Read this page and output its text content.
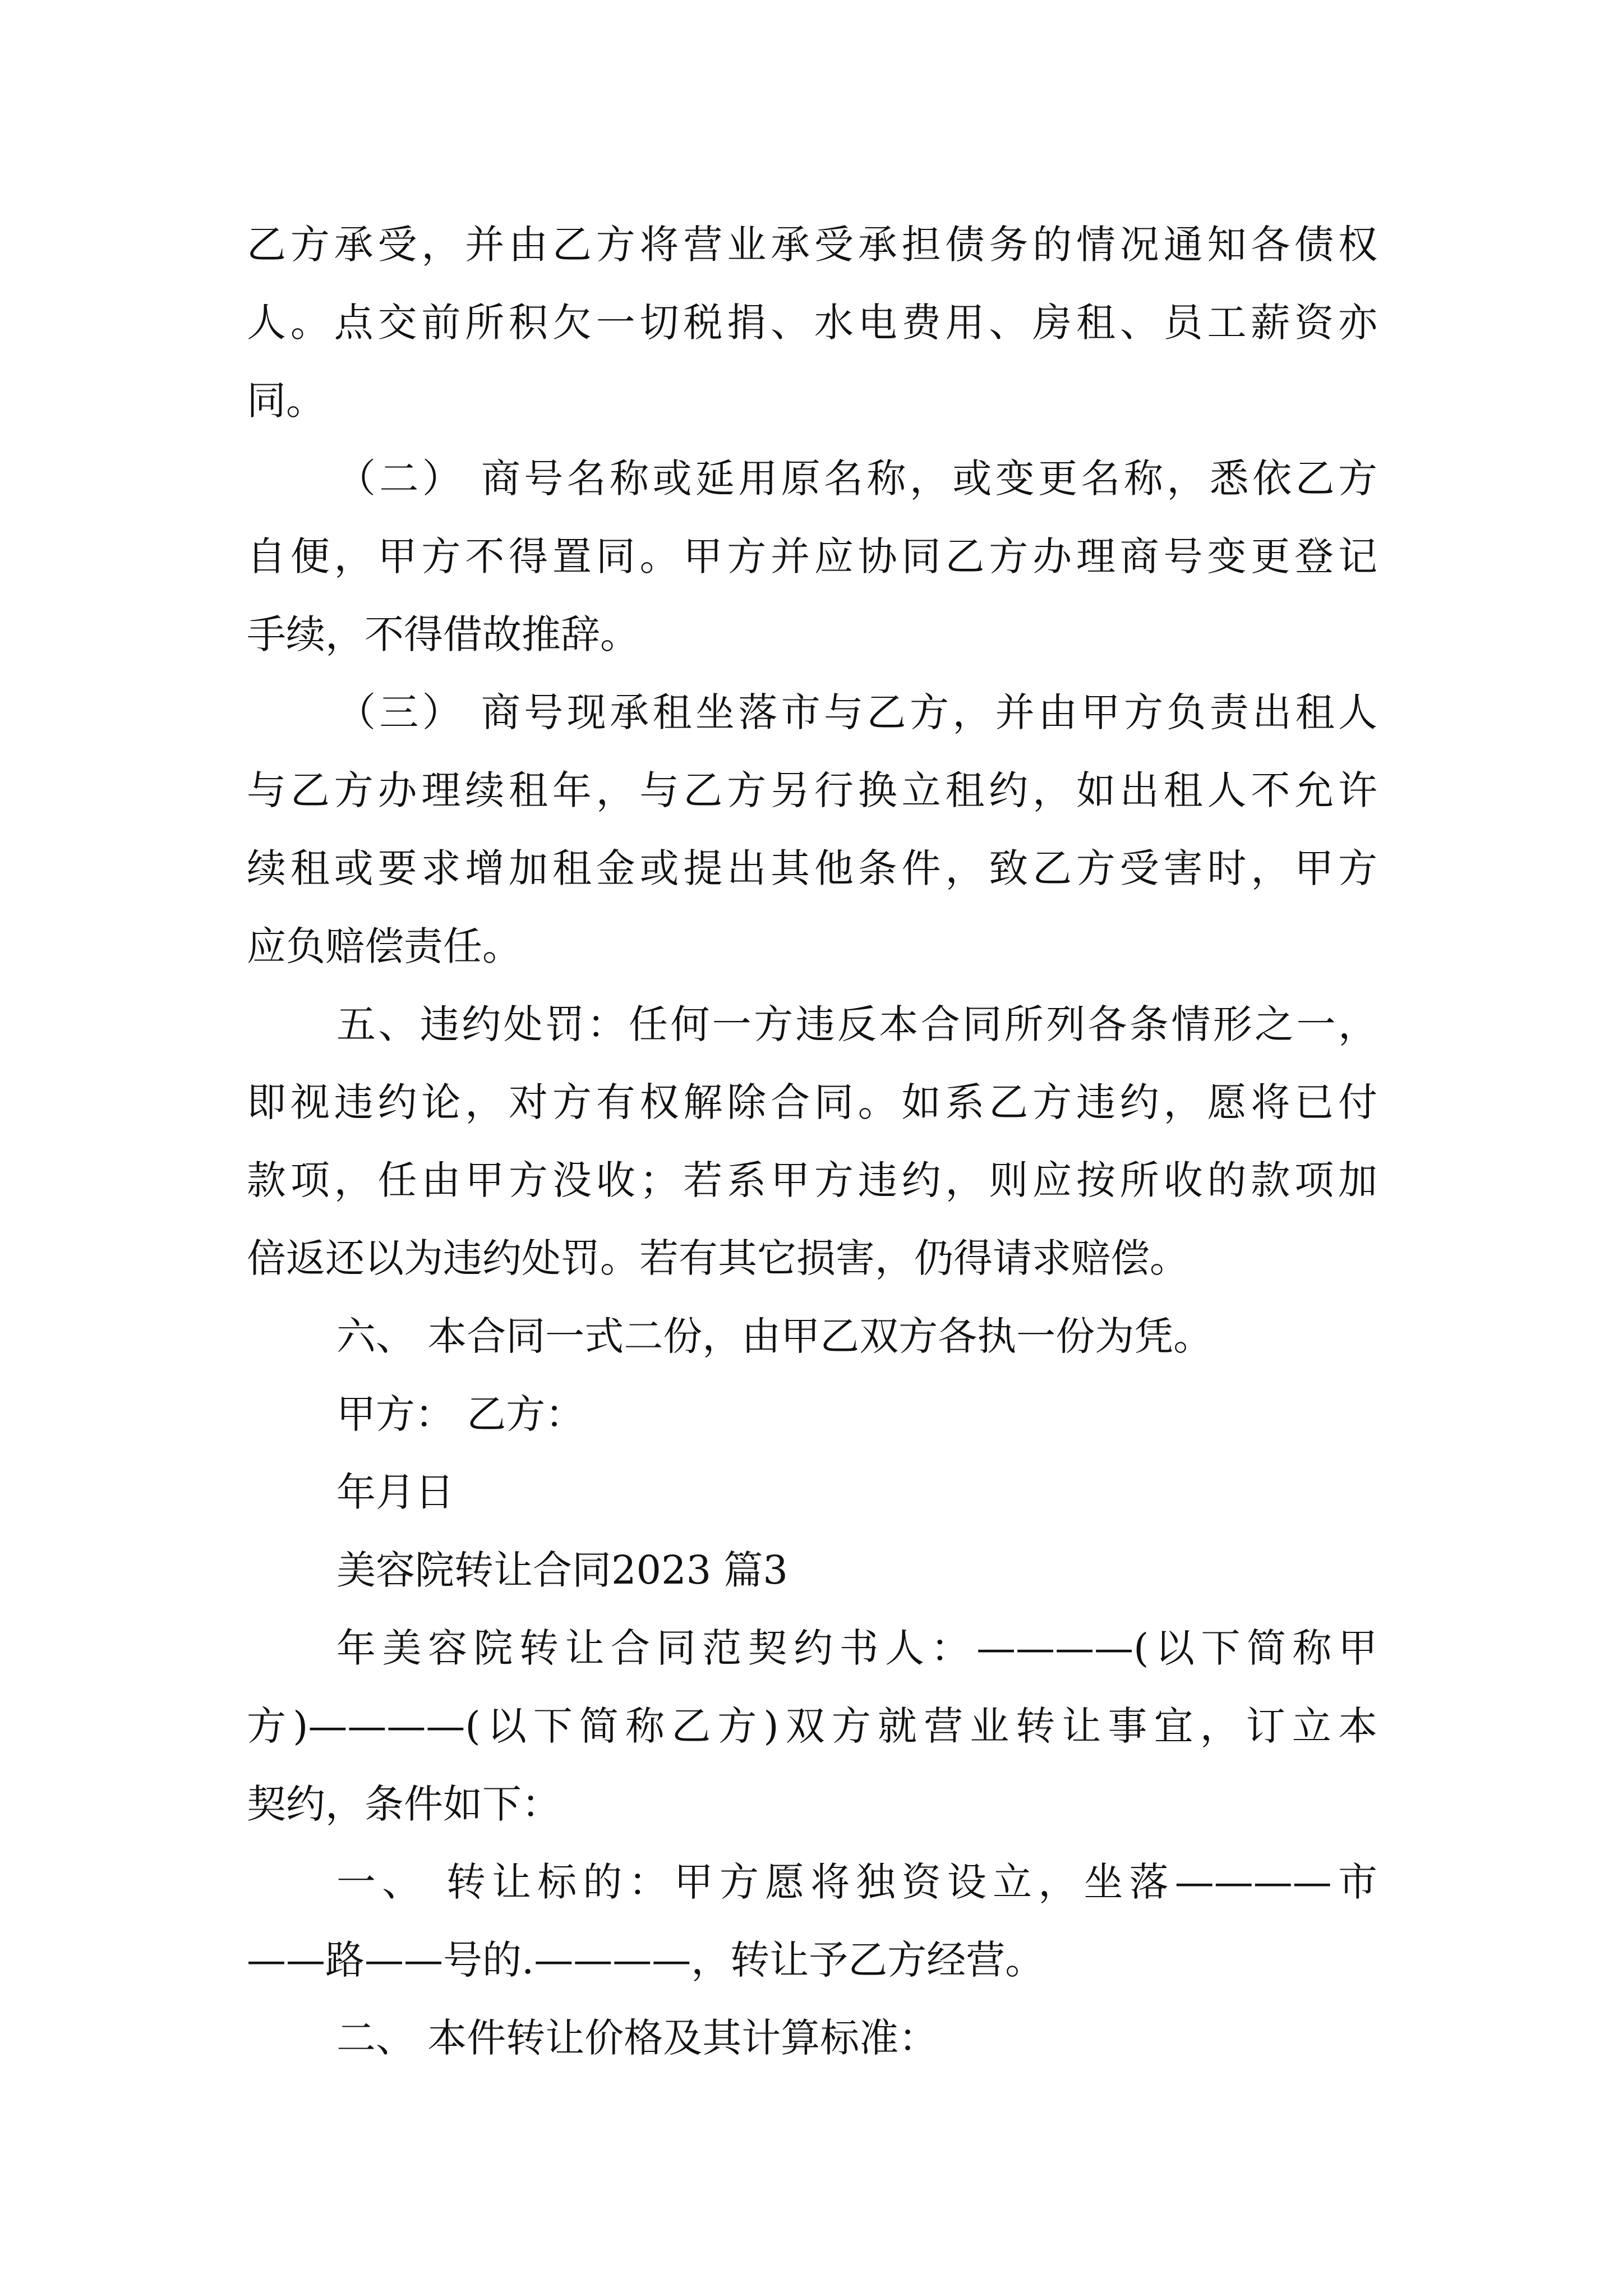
乙方承受，并由乙方将营业承受承担债务的情况通知各债权
人。点交前所积欠一切税捐、水电费用、房租、员工薪资亦
同。
（二） 商号名称或延用原名称，或变更名称，悉依乙方
自便，甲方不得置同。甲方并应协同乙方办理商号变更登记
手续，不得借故推辞。
（三） 商号现承租坐落市与乙方，并由甲方负责出租人
与乙方办理续租年，与乙方另行换立租约，如出租人不允许
续租或要求增加租金或提出其他条件，致乙方受害时，甲方
应负赔偿责任。
五、违约处罚：任何一方违反本合同所列各条情形之一，
即视违约论，对方有权解除合同。如系乙方违约，愿将已付
款项，任由甲方没收；若系甲方违约，则应按所收的款项加
倍返还以为违约处罚。若有其它损害，仍得请求赔偿。
六、 本合同一式二份，由甲乙双方各执一份为凭。
甲方： 乙方：
年月日
美容院转让合同2023 篇3
年美容院转让合同范契约书人：————(以下简称甲
方)————(以下简称乙方)双方就营业转让事宜，订立本
契约，条件如下：
一、 转让标的：甲方愿将独资设立，坐落————市
——路——号的.————，转让予乙方经营。
二、 本件转让价格及其计算标准：
